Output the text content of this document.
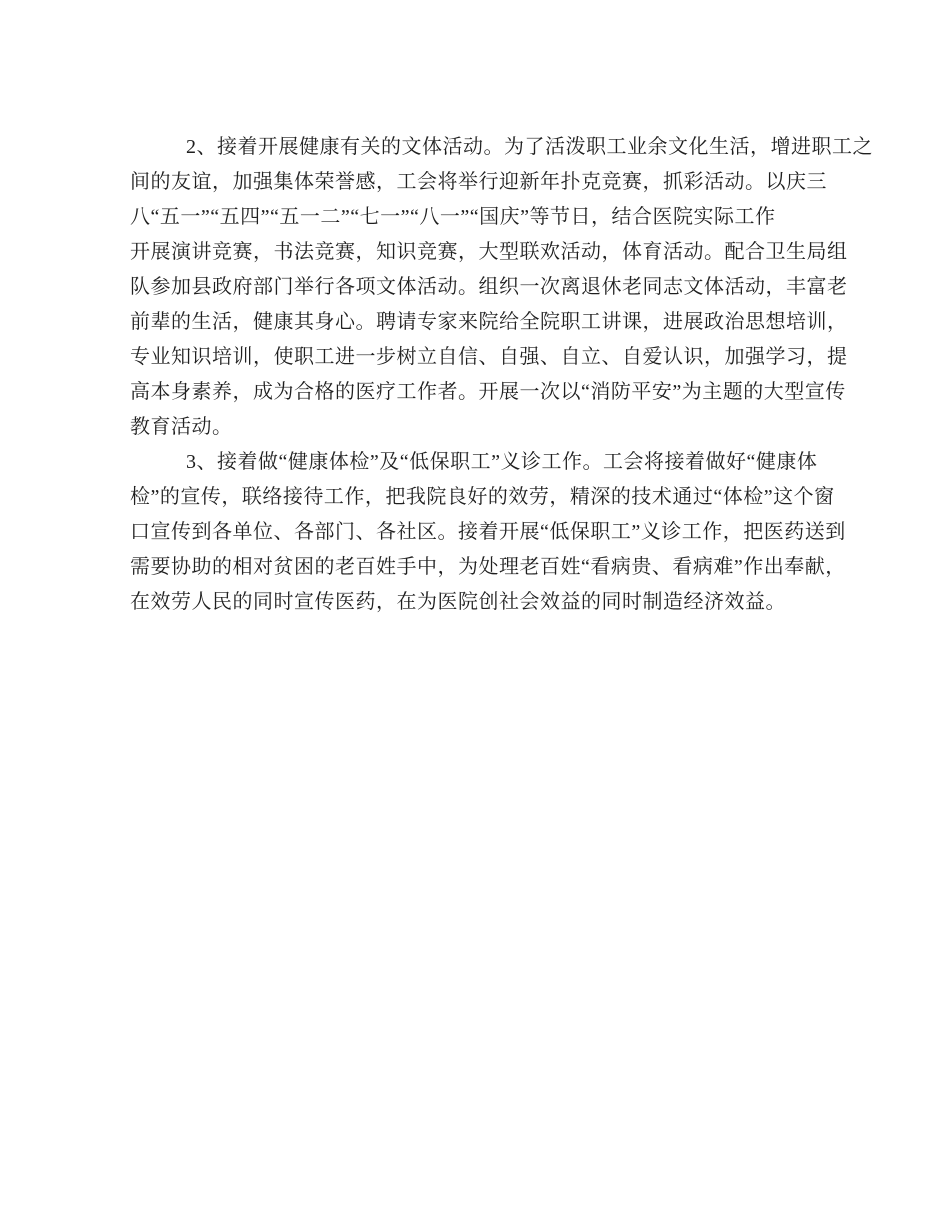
2、接着开展健康有关的文体活动。为了活泼职工业余文化生活，增进职工之
间的友谊，加强集体荣誉感，工会将举行迎新年扑克竞赛，抓彩活动。以庆三
八“五一”“五四”“五一二”“七一”“八一”“国庆”等节日，结合医院实际工作
开展演讲竞赛，书法竞赛，知识竞赛，大型联欢活动，体育活动。配合卫生局组
队参加县政府部门举行各项文体活动。组织一次离退休老同志文体活动，丰富老
前辈的生活，健康其身心。聘请专家来院给全院职工讲课，进展政治思想培训，
专业知识培训，使职工进一步树立自信、自强、自立、自爱认识，加强学习，提
高本身素养，成为合格的医疗工作者。开展一次以“消防平安”为主题的大型宣传
教育活动。
3、接着做“健康体检”及“低保职工”义诊工作。工会将接着做好“健康体
检”的宣传，联络接待工作，把我院良好的效劳，精深的技术通过“体检”这个窗
口宣传到各单位、各部门、各社区。接着开展“低保职工”义诊工作，把医药送到
需要协助的相对贫困的老百姓手中，为处理老百姓“看病贵、看病难”作出奉献，
在效劳人民的同时宣传医药，在为医院创社会效益的同时制造经济效益。
